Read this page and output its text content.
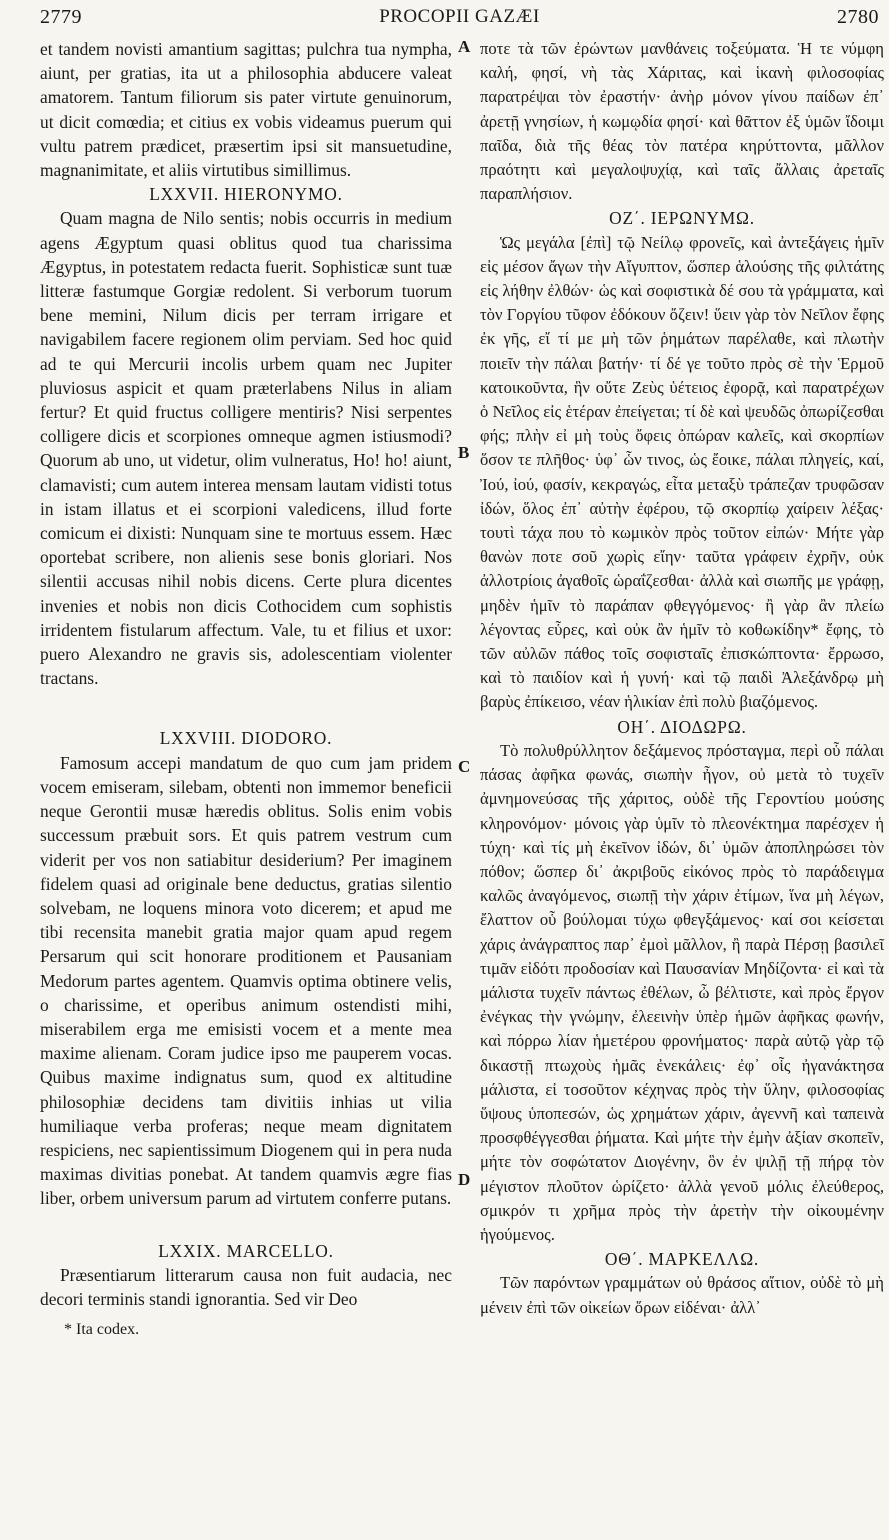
2779	PROCOPII GAZÆI	2780
A
B
C
D

et tandem novisti amantium sagittas; pulchra tua nympha, aiunt, per gratias, ita ut a philosophia abducere valeat amatorem. Tantum filiorum sis pater virtute genuinorum, ut dicit comœdia; et citius ex vobis videamus puerum qui vultu patrem prædicet, præsertim ipsi sit mansuetudine, magnanimitate, et aliis virtutibus simillimus.

LXXVII. HIERONYMO.

Quam magna de Nilo sentis; nobis occurris in medium agens Ægyptum quasi oblitus quod tua charissima Ægyptus, in potestatem redacta fuerit. Sophisticæ sunt tuæ litteræ fastumque Gorgiæ redolent. Si verborum tuorum bene memini, Nilum dicis per terram irrigare et navigabilem facere regionem olim perviam. Sed hoc quid ad te qui Mercurii incolis urbem quam nec Jupiter pluviosus aspicit et quam præterlabens Nilus in aliam fertur? Et quid fructus colligere mentiris? Nisi serpentes colligere dicis et scorpiones omneque agmen istiusmodi? Quorum ab uno, ut videtur, olim vulneratus, Ho! ho! aiunt, clamavisti; cum autem interea mensam lautam vidisti totus in istam illatus et ei scorpioni valedicens, illud forte comicum ei dixisti: Nunquam sine te mortuus essem. Hæc oportebat scribere, non alienis sese bonis gloriari. Nos silentii accusas nihil nobis dicens. Certe plura dicentes invenies et nobis non dicis Cothocidem cum sophistis irridentem fistularum affectum. Vale, tu et filius et uxor: puero Alexandro ne gravis sis, adolescentiam violenter tractans.

LXXVIII. DIODORO.

Famosum accepi mandatum de quo cum jam pridem vocem emiseram, silebam, obtenti non immemor beneficii neque Gerontii musæ hæredis oblitus. Solis enim vobis successum præbuit sors. Et quis patrem vestrum cum viderit per vos non satiabitur desiderium? Per imaginem fidelem quasi ad originale bene deductus, gratias silentio solvebam, ne loquens minora voto dicerem; et apud me tibi recensita manebit gratia major quam apud regem Persarum qui scit honorare proditionem et Pausaniam Medorum partes agentem. Quamvis optima obtinere velis, o charissime, et operibus animum ostendisti mihi, miserabilem erga me emisisti vocem et a mente mea maxime alienam. Coram judice ipso me pauperem vocas. Quibus maxime indignatus sum, quod ex altitudine philosophiæ decidens tam divitiis inhias ut vilia humiliaque verba proferas; neque meam dignitatem respiciens, nec sapientissimum Diogenem qui in pera nuda maximas divitias ponebat. At tandem quamvis ægre fias liber, orbem universum parum ad virtutem conferre putans.

LXXIX. MARCELLO.

Præsentiarum litterarum causa non fuit audacia, nec decori terminis standi ignorantia. Sed vir Deo

* Ita codex.

ποτε τὰ τῶν ἐρώντων μανθάνεις τοξεύματα. Ἡ τε νύμφη καλή, φησί, νὴ τὰς Χάριτας, καὶ ἱκανὴ φιλοσοφίας παρατρέψαι τὸν ἐραστήν· ἀνὴρ μόνον γίνου παίδων ἐπ᾽ ἀρετῇ γνησίων, ἡ κωμῳδία φησί· καὶ θᾶττον ἐξ ὑμῶν ἴδοιμι παῖδα, διὰ τῆς θέας τὸν πατέρα κηρύττοντα, μᾶλλον πραότητι καὶ μεγαλοψυχίᾳ, καὶ ταῖς ἄλλαις ἀρεταῖς παραπλήσιον.

ΟΖ΄. ΙΕΡΩΝΥΜΩ.

Ὡς μεγάλα [ἐπὶ] τῷ Νείλῳ φρονεῖς, καὶ ἀντεξάγεις ἡμῖν εἰς μέσον ἄγων τὴν Αἴγυπτον, ὥσπερ ἁλούσης τῆς φιλτάτης εἰς λήθην ἐλθών· ὡς καὶ σοφιστικὰ δέ σου τὰ γράμματα, καὶ τὸν Γοργίου τῦφον ἐδόκουν ὄζειν! ὕειν γὰρ τὸν Νεῖλον ἔφης ἐκ γῆς, εἴ τί με μὴ τῶν ῥημάτων παρέλαθε, καὶ πλωτὴν ποιεῖν τὴν πάλαι βατήν· τί δέ γε τοῦτο πρὸς σὲ τὴν Ἑρμοῦ κατοικοῦντα, ἣν οὔτε Ζεὺς ὑέτειος ἐφορᾷ, καὶ παρατρέχων ὁ Νεῖλος εἰς ἑτέραν ἐπείγεται; τί δὲ καὶ ψευδῶς ὀπωρίζεσθαι φής; πλὴν εἰ μὴ τοὺς ὄφεις ὀπώραν καλεῖς, καὶ σκορπίων ὅσον τε πλῆθος· ὑφ᾽ ὧν τινος, ὡς ἔοικε, πάλαι πληγείς, καί, Ἰού, ἰού, φασίν, κεκραγώς, εἶτα μεταξὺ τράπεζαν τρυφῶσαν ἰδών, ὅλος ἐπ᾽ αὐτὴν ἐφέρου, τῷ σκορπίῳ χαίρειν λέξας· τουτὶ τάχα που τὸ κωμικὸν πρὸς τοῦτον εἰπών· Μήτε γὰρ θανὼν ποτε σοῦ χωρὶς εἴην· ταῦτα γράφειν ἐχρῆν, οὐκ ἀλλοτρίοις ἀγαθοῖς ὡραΐζεσθαι· ἀλλὰ καὶ σιωπῆς με γράφῃ, μηδὲν ἡμῖν τὸ παράπαν φθεγγόμενος· ἢ γὰρ ἂν πλείω λέγοντας εὗρες, καὶ οὐκ ἂν ἡμῖν τὸ κοθωκίδην* ἔφης, τὸ τῶν αὐλῶν πάθος τοῖς σοφισταῖς ἐπισκώπτοντα· ἔρρωσο, καὶ τὸ παιδίον καὶ ἡ γυνή· καὶ τῷ παιδὶ Ἀλεξάνδρῳ μὴ βαρὺς ἐπίκεισο, νέαν ἡλικίαν ἐπὶ πολὺ βιαζόμενος.

ΟΗ΄. ΔΙΟΔΩΡΩ.

Τὸ πολυθρύλλητον δεξάμενος πρόσταγμα, περὶ οὗ πάλαι πάσας ἀφῆκα φωνάς, σιωπὴν ἦγον, οὐ μετὰ τὸ τυχεῖν ἀμνημονεύσας τῆς χάριτος, οὐδὲ τῆς Γεροντίου μούσης κληρονόμον· μόνοις γὰρ ὑμῖν τὸ πλεονέκτημα παρέσχεν ἡ τύχη· καὶ τίς μὴ ἐκεῖνον ἰδών, δι᾽ ὑμῶν ἀποπληρώσει τὸν πόθον; ὥσπερ δι᾽ ἀκριβοῦς εἰκόνος πρὸς τὸ παράδειγμα καλῶς ἀναγόμενος, σιωπῇ τὴν χάριν ἐτίμων, ἵνα μὴ λέγων, ἔλαττον οὗ βούλομαι τύχω φθεγξάμενος· καί σοι κείσεται χάρις ἀνάγραπτος παρ᾽ ἐμοὶ μᾶλλον, ἢ παρὰ Πέρσῃ βασιλεῖ τιμᾶν εἰδότι προδοσίαν καὶ Παυσανίαν Μηδίζοντα· εἰ καὶ τὰ μάλιστα τυχεῖν πάντως ἐθέλων, ὦ βέλτιστε, καὶ πρὸς ἔργον ἐνέγκας τὴν γνώμην, ἐλεεινὴν ὑπὲρ ἡμῶν ἀφῆκας φωνήν, καὶ πόρρω λίαν ἡμετέρου φρονήματος· παρὰ αὐτῷ γὰρ τῷ δικαστῇ πτωχοὺς ἡμᾶς ἐνεκάλεις· ἐφ᾽ οἷς ἠγανάκτησα μάλιστα, εἰ τοσοῦτον κέχηνας πρὸς τὴν ὕλην, φιλοσοφίας ὕψους ὑποπεσών, ὡς χρημάτων χάριν, ἀγεννῆ καὶ ταπεινὰ προσφθέγγεσθαι ῥήματα. Καὶ μήτε τὴν ἐμὴν ἀξίαν σκοπεῖν, μήτε τὸν σοφώτατον Διογένην, ὃν ἐν ψιλῇ τῇ πήρᾳ τὸν μέγιστον πλοῦτον ὡρίζετο· ἀλλὰ γενοῦ μόλις ἐλεύθερος, σμικρόν τι χρῆμα πρὸς τὴν ἀρετὴν τὴν οἰκουμένην ἡγούμενος.

ΟΘ΄. ΜΑΡΚΕΛΛΩ.

Τῶν παρόντων γραμμάτων οὐ θράσος αἴτιον, οὐδὲ τὸ μὴ μένειν ἐπὶ τῶν οἰκείων ὅρων εἰδέναι· ἀλλ᾽
